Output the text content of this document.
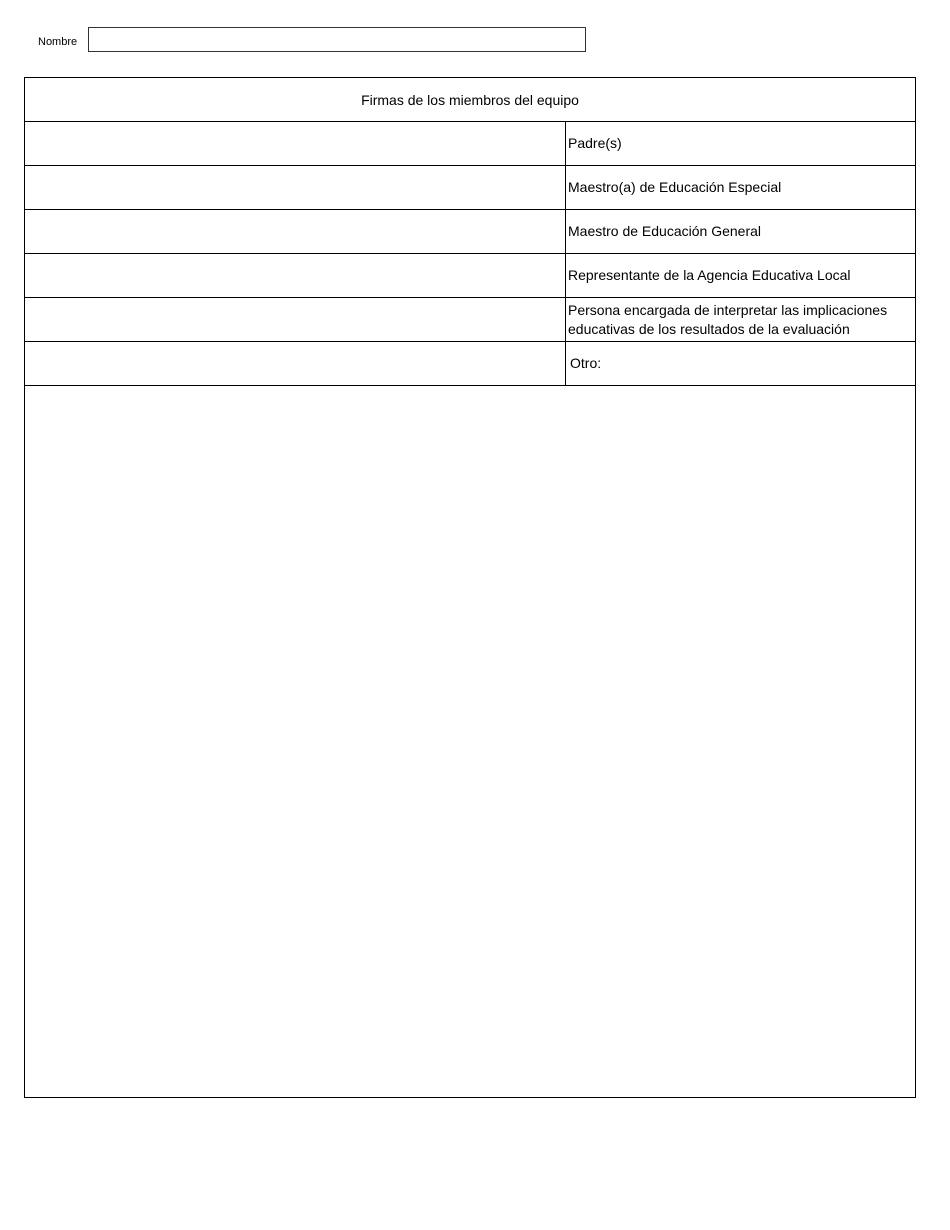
Nombre
Firmas de los miembros del equipo
Padre(s)
Maestro(a) de Educación Especial
Maestro de Educación General
Representante de la Agencia Educativa Local
Persona encargada de interpretar las implicaciones educativas de los resultados de la evaluación
Otro:
